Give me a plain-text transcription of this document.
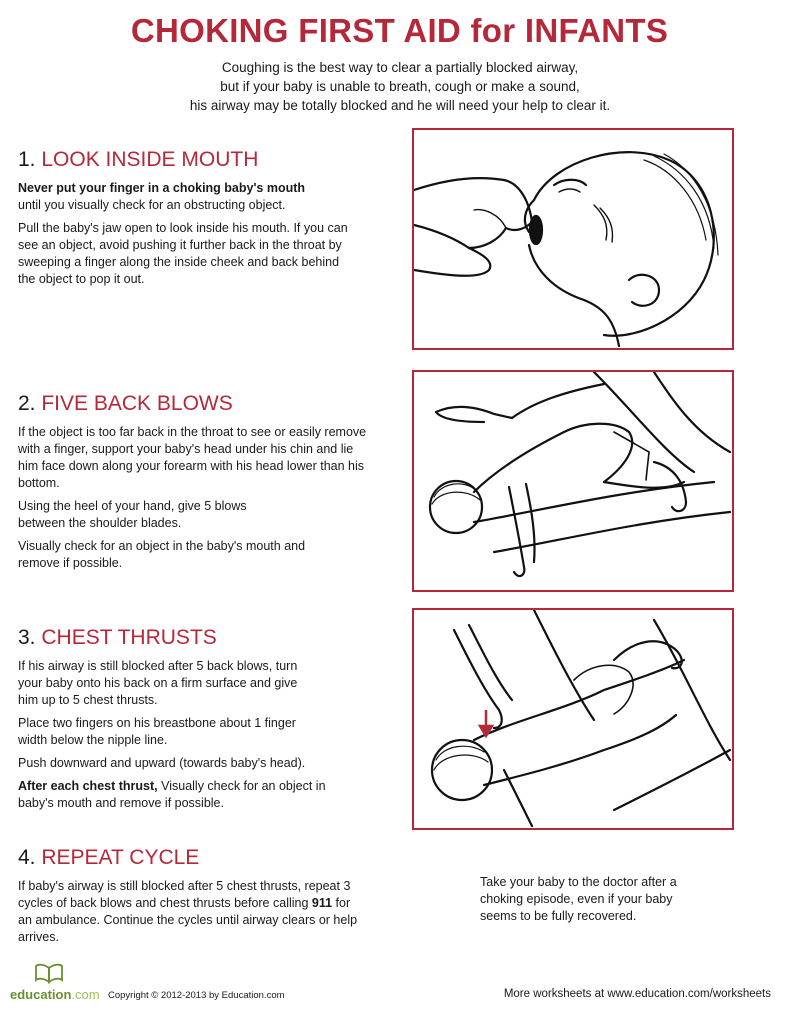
CHOKING FIRST AID for INFANTS
Coughing is the best way to clear a partially blocked airway,
but if your baby is unable to breath, cough or make a sound,
his airway may be totally blocked and he will need your help to clear it.
1. LOOK INSIDE MOUTH

Never put your finger in a choking baby's mouth until you visually check for an obstructing object.

Pull the baby's jaw open to look inside his mouth. If you can see an object, avoid pushing it further back in the throat by sweeping a finger along the inside cheek and back behind the object to pop it out.

2. FIVE BACK BLOWS

If the object is too far back in the throat to see or easily remove with a finger, support your baby's head under his chin and lie him face down along your forearm with his head lower than his bottom.

Using the heel of your hand, give 5 blows between the shoulder blades.

Visually check for an object in the baby's mouth and remove if possible.

3. CHEST THRUSTS

If his airway is still blocked after 5 back blows, turn your baby onto his back on a firm surface and give him up to 5 chest thrusts.

Place two fingers on his breastbone about 1 finger width below the nipple line.

Push downward and upward (towards baby's head).

After each chest thrust, Visually check for an object in baby's mouth and remove if possible.

4. REPEAT CYCLE

If baby's airway is still blocked after 5 chest thrusts, repeat 3 cycles of back blows and chest thrusts before calling 911 for an ambulance. Continue the cycles until airway clears or help arrives.

Take your baby to the doctor after a choking episode, even if your baby seems to be fully recovered.
education.com Copyright © 2012-2013 by Education.com	More worksheets at www.education.com/worksheets
